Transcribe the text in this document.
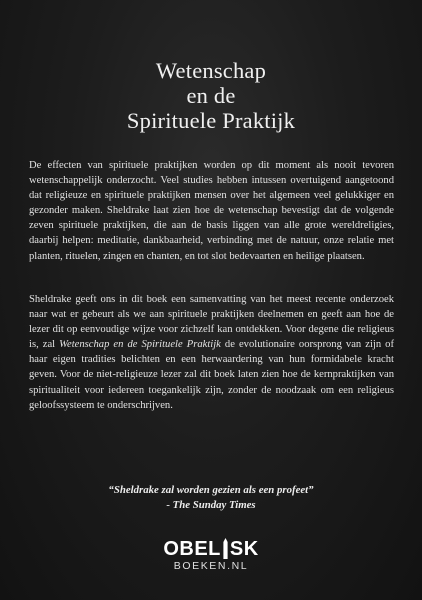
Wetenschap
en de
Spirituele Praktijk

De effecten van spirituele praktijken worden op dit moment als nooit tevoren wetenschappelijk onderzocht. Veel studies hebben intussen overtuigend aangetoond dat religieuze en spirituele praktijken mensen over het algemeen veel gelukkiger en gezonder maken. Sheldrake laat zien hoe de wetenschap bevestigt dat de volgende zeven spirituele praktijken, die aan de basis liggen van alle grote wereldreligies, daarbij helpen: meditatie, dankbaarheid, verbinding met de natuur, onze relatie met planten, rituelen, zingen en chanten, en tot slot bedevaarten en heilige plaatsen.

Sheldrake geeft ons in dit boek een samenvatting van het meest recente onderzoek naar wat er gebeurt als we aan spirituele praktijken deelnemen en geeft aan hoe de lezer dit op eenvoudige wijze voor zichzelf kan ontdekken. Voor degene die religieus is, zal Wetenschap en de Spirituele Praktijk de evolutionaire oorsprong van zijn of haar eigen tradities belichten en een herwaardering van hun formidabele kracht geven. Voor de niet-religieuze lezer zal dit boek laten zien hoe de kernpraktijken van spiritualiteit voor iedereen toegankelijk zijn, zonder de noodzaak om een religieus geloofssysteem te onderschrijven.

“Sheldrake zal worden gezien als een profeet”
- The Sunday Times
OBEL SK
BOEKEN.NL
